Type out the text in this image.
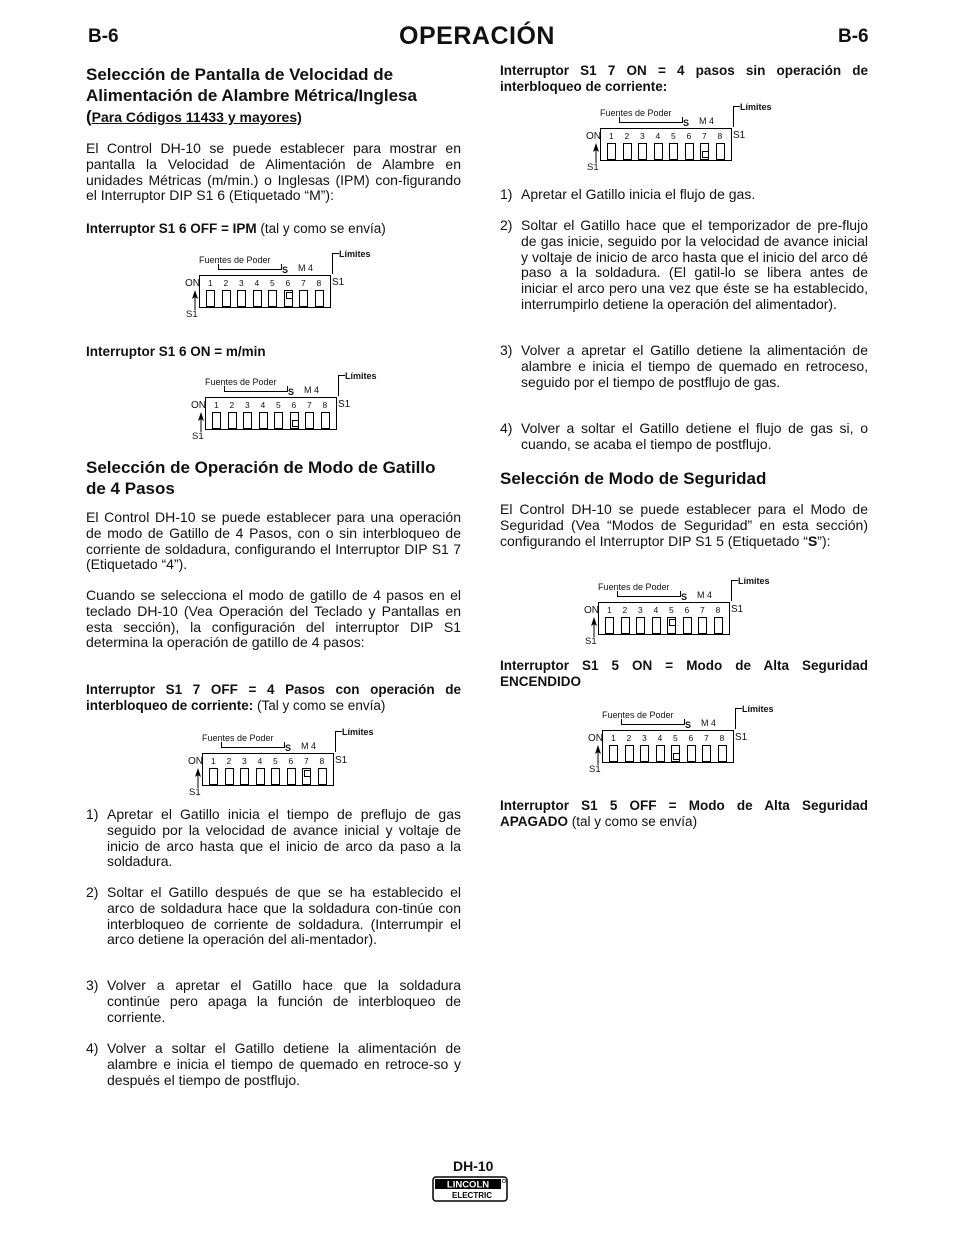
OPERACIÓN
B-6	B-6
Selección de Pantalla de Velocidad de
Alimentación de Alambre Métrica/Inglesa
(Para Códigos 11433 y mayores)
El Control DH-10 se puede establecer para mostrar en pantalla la Velocidad de Alimentación de Alambre en unidades Métricas (m/min.) o Inglesas (IPM) con-figurando el Interruptor DIP S1 6 (Etiquetado “M”):
Interruptor S1 6 OFF = IPM (tal y como se envía)
Fuentes de Poder
Límites
S M 4
ON	S1
S1
1	2	3	4	5	6	7	8
Interruptor S1 6 ON = m/min
Fuentes de Poder
Límites
S M 4
ON	S1
S1
1	2	3	4	5	6	7	8
Selección de Operación de Modo de Gatillo
de 4 Pasos
El Control DH-10 se puede establecer para una operación de modo de Gatillo de 4 Pasos, con o sin interbloqueo de corriente de soldadura, configurando el Interruptor DIP S1 7 (Etiquetado “4”).
Cuando se selecciona el modo de gatillo de 4 pasos en el teclado DH-10 (Vea Operación del Teclado y Pantallas en esta sección), la configuración del interruptor DIP S1 determina la operación de gatillo de 4 pasos:
Interruptor S1 7 OFF = 4 Pasos con operación de interbloqueo de corriente: (Tal y como se envía)
Fuentes de Poder
Límites
S M 4
ON	S1
S1
1	2	3	4	5	6	7	8
1) Apretar el Gatillo inicia el tiempo de preflujo de gas seguido por la velocidad de avance inicial y voltaje de inicio de arco hasta que el inicio de arco da paso a la soldadura.
2) Soltar el Gatillo después de que se ha establecido el arco de soldadura hace que la soldadura con-tinúe con interbloqueo de corriente de soldadura. (Interrumpir el arco detiene la operación del ali-mentador).
3) Volver a apretar el Gatillo hace que la soldadura continúe pero apaga la función de interbloqueo de corriente.
4) Volver a soltar el Gatillo detiene la alimentación de alambre e inicia el tiempo de quemado en retroce-so y después el tiempo de postflujo.
Interruptor S1 7 ON = 4 pasos sin operación de interbloqueo de corriente:
Fuentes de Poder
Límites
S M 4
ON	S1
S1
1	2	3	4	5	6	7	8
1) Apretar el Gatillo inicia el flujo de gas.
2) Soltar el Gatillo hace que el temporizador de pre-flujo de gas inicie, seguido por la velocidad de avance inicial y voltaje de inicio de arco hasta que el inicio del arco dé paso a la soldadura. (El gatil-lo se libera antes de iniciar el arco pero una vez que éste se ha establecido, interrumpirlo detiene la operación del alimentador).
3) Volver a apretar el Gatillo detiene la alimentación de alambre e inicia el tiempo de quemado en retroceso, seguido por el tiempo de postflujo de gas.
4) Volver a soltar el Gatillo detiene el flujo de gas si, o cuando, se acaba el tiempo de postflujo.
Selección de Modo de Seguridad
El Control DH-10 se puede establecer para el Modo de Seguridad (Vea “Modos de Seguridad” en esta sección) configurando el Interruptor DIP S1 5 (Etiquetado “S”):
Fuentes de Poder
Límites
S M 4
ON	S1
S1
1	2	3	4	5	6	7	8
Interruptor S1 5 ON = Modo de Alta Seguridad ENCENDIDO
Fuentes de Poder
Límites
S M 4
ON	S1
S1
1	2	3	4	5	6	7	8
Interruptor S1 5 OFF = Modo de Alta Seguridad APAGADO (tal y como se envía)
DH-10
LINCOLN
ELECTRIC
